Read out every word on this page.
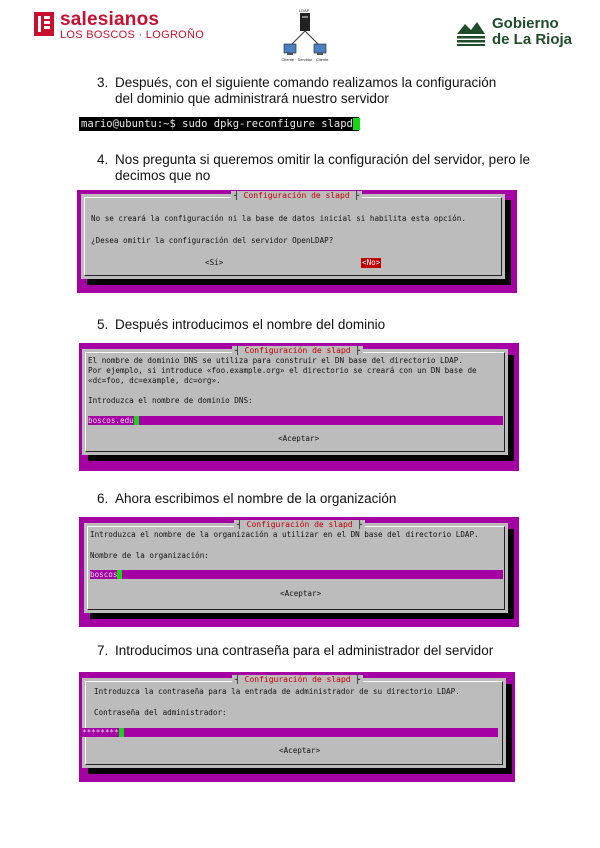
salesianos
LOS BOSCOS · LOGROÑO
LDAP
Cliente · Servidor · Cliente
Gobierno
de La Rioja
3. Después, con el siguiente comando realizamos la configuración
del dominio que administrará nuestro servidor
mario@ubuntu:~$ sudo dpkg-reconfigure slapd
4. Nos pregunta si queremos omitir la configuración del servidor, pero le
decimos que no
┤ Configuración de slapd ├
No se creará la configuración ni la base de datos inicial si habilita esta opción.
¿Desea omitir la configuración del servidor OpenLDAP?
<Sí>	<No>
5. Después introducimos el nombre del dominio
┤ Configuración de slapd ├
El nombre de dominio DNS se utiliza para construir el DN base del directorio LDAP.
Por ejemplo, si introduce «foo.example.org» el directorio se creará con un DN base de
«dc=foo, dc=example, dc=org».
Introduzca el nombre de dominio DNS:
boscos.edu
<Aceptar>
6. Ahora escribimos el nombre de la organización
┤ Configuración de slapd ├
Introduzca el nombre de la organización a utilizar en el DN base del directorio LDAP.
Nombre de la organización:
boscos
<Aceptar>
7. Introducimos una contraseña para el administrador del servidor
┤ Configuración de slapd ├
Introduzca la contraseña para la entrada de administrador de su directorio LDAP.
Contraseña del administrador:
********
<Aceptar>
